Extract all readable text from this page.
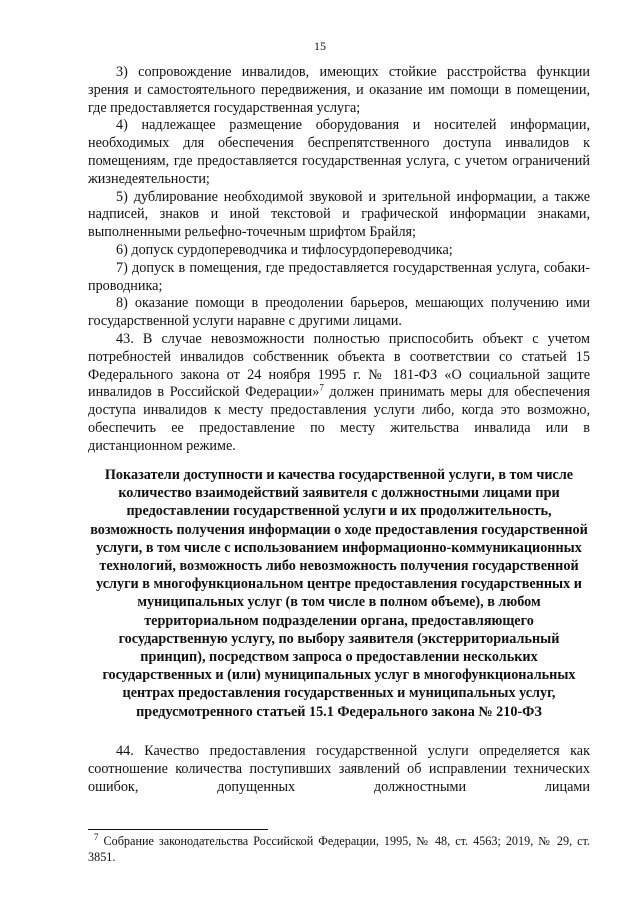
15

3) сопровождение инвалидов, имеющих стойкие расстройства функции зрения и самостоятельного передвижения, и оказание им помощи в помещении, где предоставляется государственная услуга;

4) надлежащее размещение оборудования и носителей информации, необходимых для обеспечения беспрепятственного доступа инвалидов к помещениям, где предоставляется государственная услуга, с учетом ограничений жизнедеятельности;

5) дублирование необходимой звуковой и зрительной информации, а также надписей, знаков и иной текстовой и графической информации знаками, выполненными рельефно-точечным шрифтом Брайля;

6) допуск сурдопереводчика и тифлосурдопереводчика;

7) допуск в помещения, где предоставляется государственная услуга, собаки-проводника;

8) оказание помощи в преодолении барьеров, мешающих получению ими государственной услуги наравне с другими лицами.

43. В случае невозможности полностью приспособить объект с учетом потребностей инвалидов собственник объекта в соответствии со статьей 15 Федерального закона от 24 ноября 1995 г. № 181-ФЗ «О социальной защите инвалидов в Российской Федерации»$^7$ должен принимать меры для обеспечения доступа инвалидов к месту предоставления услуги либо, когда это возможно, обеспечить ее предоставление по месту жительства инвалида или в дистанционном режиме.

Показатели доступности и качества государственной услуги, в том числе количество взаимодействий заявителя с должностными лицами при предоставлении государственной услуги и их продолжительность, возможность получения информации о ходе предоставления государственной услуги, в том числе с использованием информационно-коммуникационных технологий, возможность либо невозможность получения государственной услуги в многофункциональном центре предоставления государственных и муниципальных услуг (в том числе в полном объеме), в любом территориальном подразделении органа, предоставляющего государственную услугу, по выбору заявителя (экстерриториальный принцип), посредством запроса о предоставлении нескольких государственных и (или) муниципальных услуг в многофункциональных центрах предоставления государственных и муниципальных услуг, предусмотренного статьей 15.1 Федерального закона № 210-ФЗ

44. Качество предоставления государственной услуги определяется как соотношение количества поступивших заявлений об исправлении технических ошибок, допущенных должностными лицами

$^7$ Собрание законодательства Российской Федерации, 1995, № 48, ст. 4563; 2019, № 29, ст. 3851.
